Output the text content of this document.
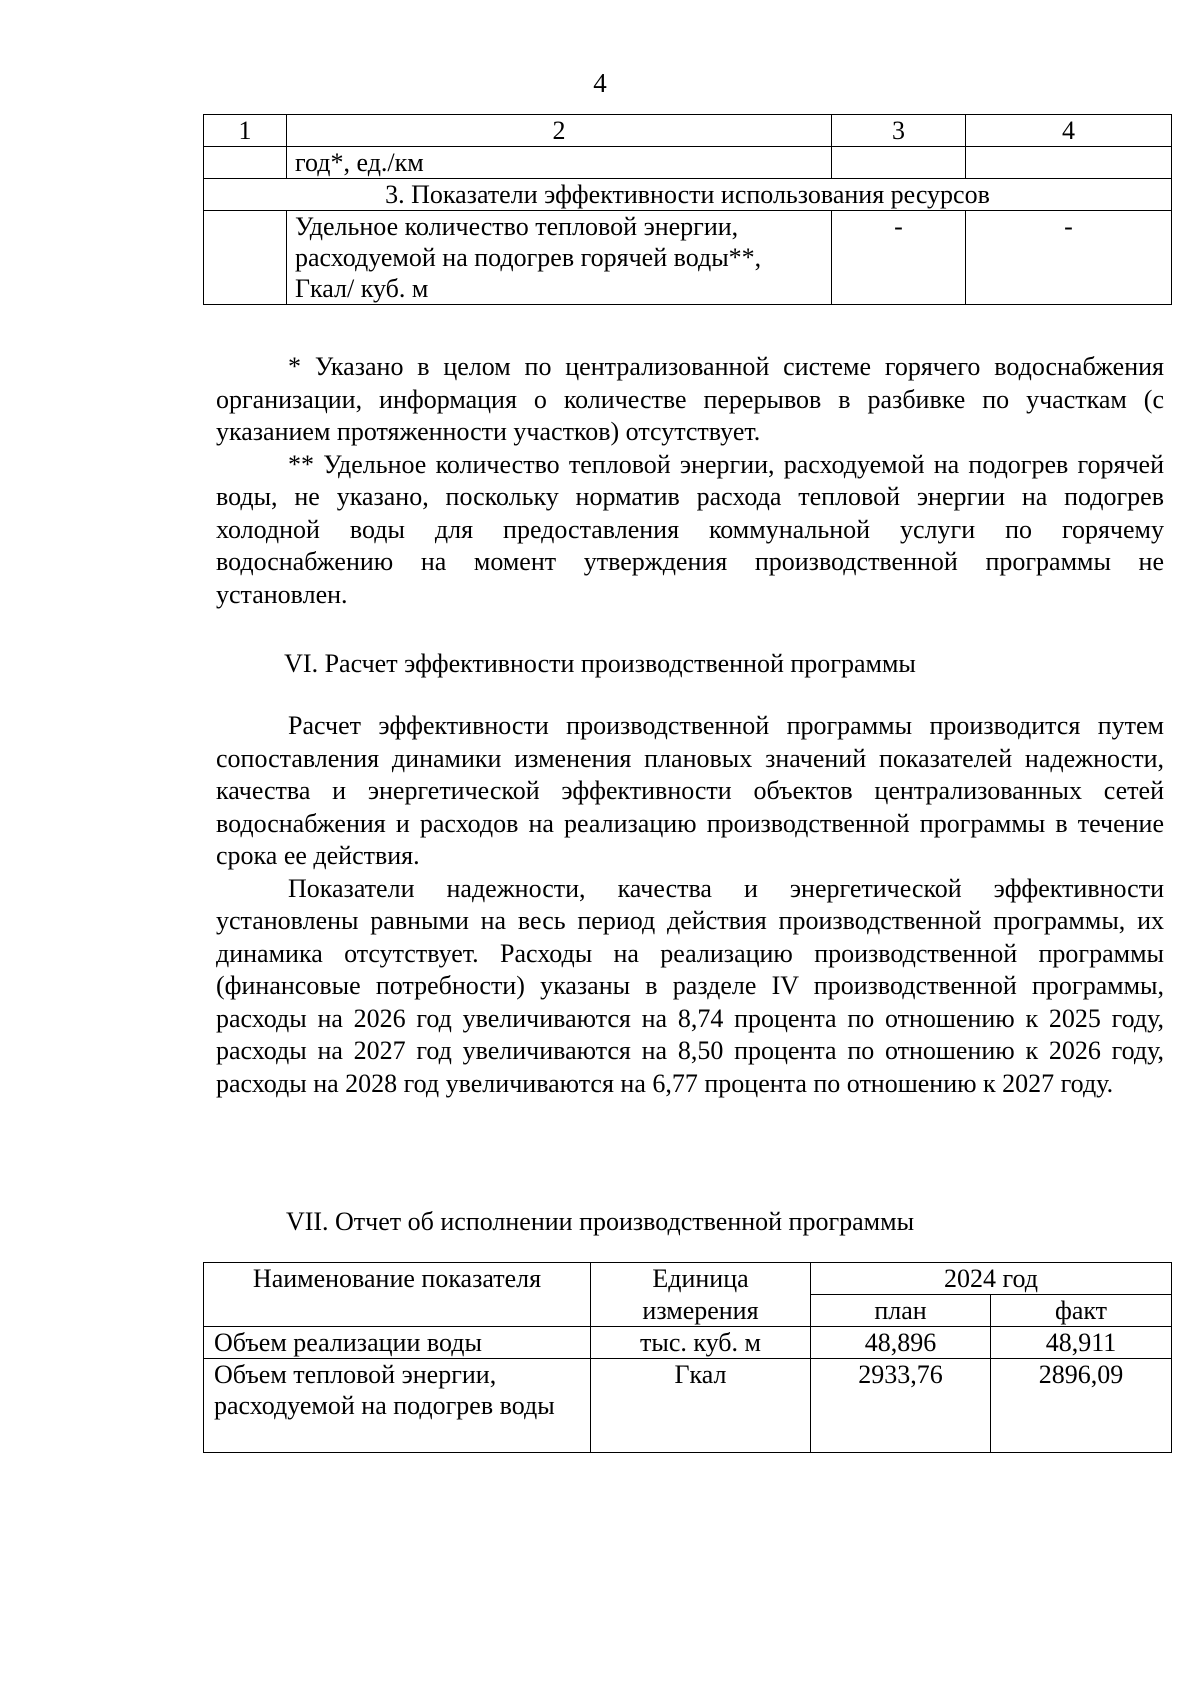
4
1	2	3	4
	год*, ед./км		
3. Показатели эффективности использования ресурсов			

	Удельное количество тепловой энергии,
расходуемой на подогрев горячей воды**,
Гкал/ куб. м	-	-

* Указано в целом по централизованной системе горячего водоснабжения организации, информация о количестве перерывов в разбивке по участкам (с указанием протяженности участков) отсутствует.

** Удельное количество тепловой энергии, расходуемой на подогрев горячей воды, не указано, поскольку норматив расхода тепловой энергии на подогрев холодной воды для предоставления коммунальной услуги по горячему водоснабжению на момент утверждения производственной программы не установлен.

VI. Расчет эффективности производственной программы

Расчет эффективности производственной программы производится путем сопоставления динамики изменения плановых значений показателей надежности, качества и энергетической эффективности объектов централизованных сетей водоснабжения и расходов на реализацию производственной программы в течение срока ее действия.

Показатели надежности, качества и энергетической эффективности установлены равными на весь период действия производственной программы, их динамика отсутствует. Расходы на реализацию производственной программы (финансовые потребности) указаны в разделе IV производственной программы, расходы на 2026 год увеличиваются на 8,74 процента по отношению к 2025 году, расходы на 2027 год увеличиваются на 8,50 процента по отношению к 2026 году, расходы на 2028 год увеличиваются на 6,77 процента по отношению к 2027 году.

VII. Отчет об исполнении производственной программы
Наименование показателя	Единица	2024 год	
	измерения	план	факт
Объем реализации воды	тыс. куб. м	48,896	48,911
Объем тепловой энергии, расходуемой на подогрев воды	Гкал	2933,76	2896,09
